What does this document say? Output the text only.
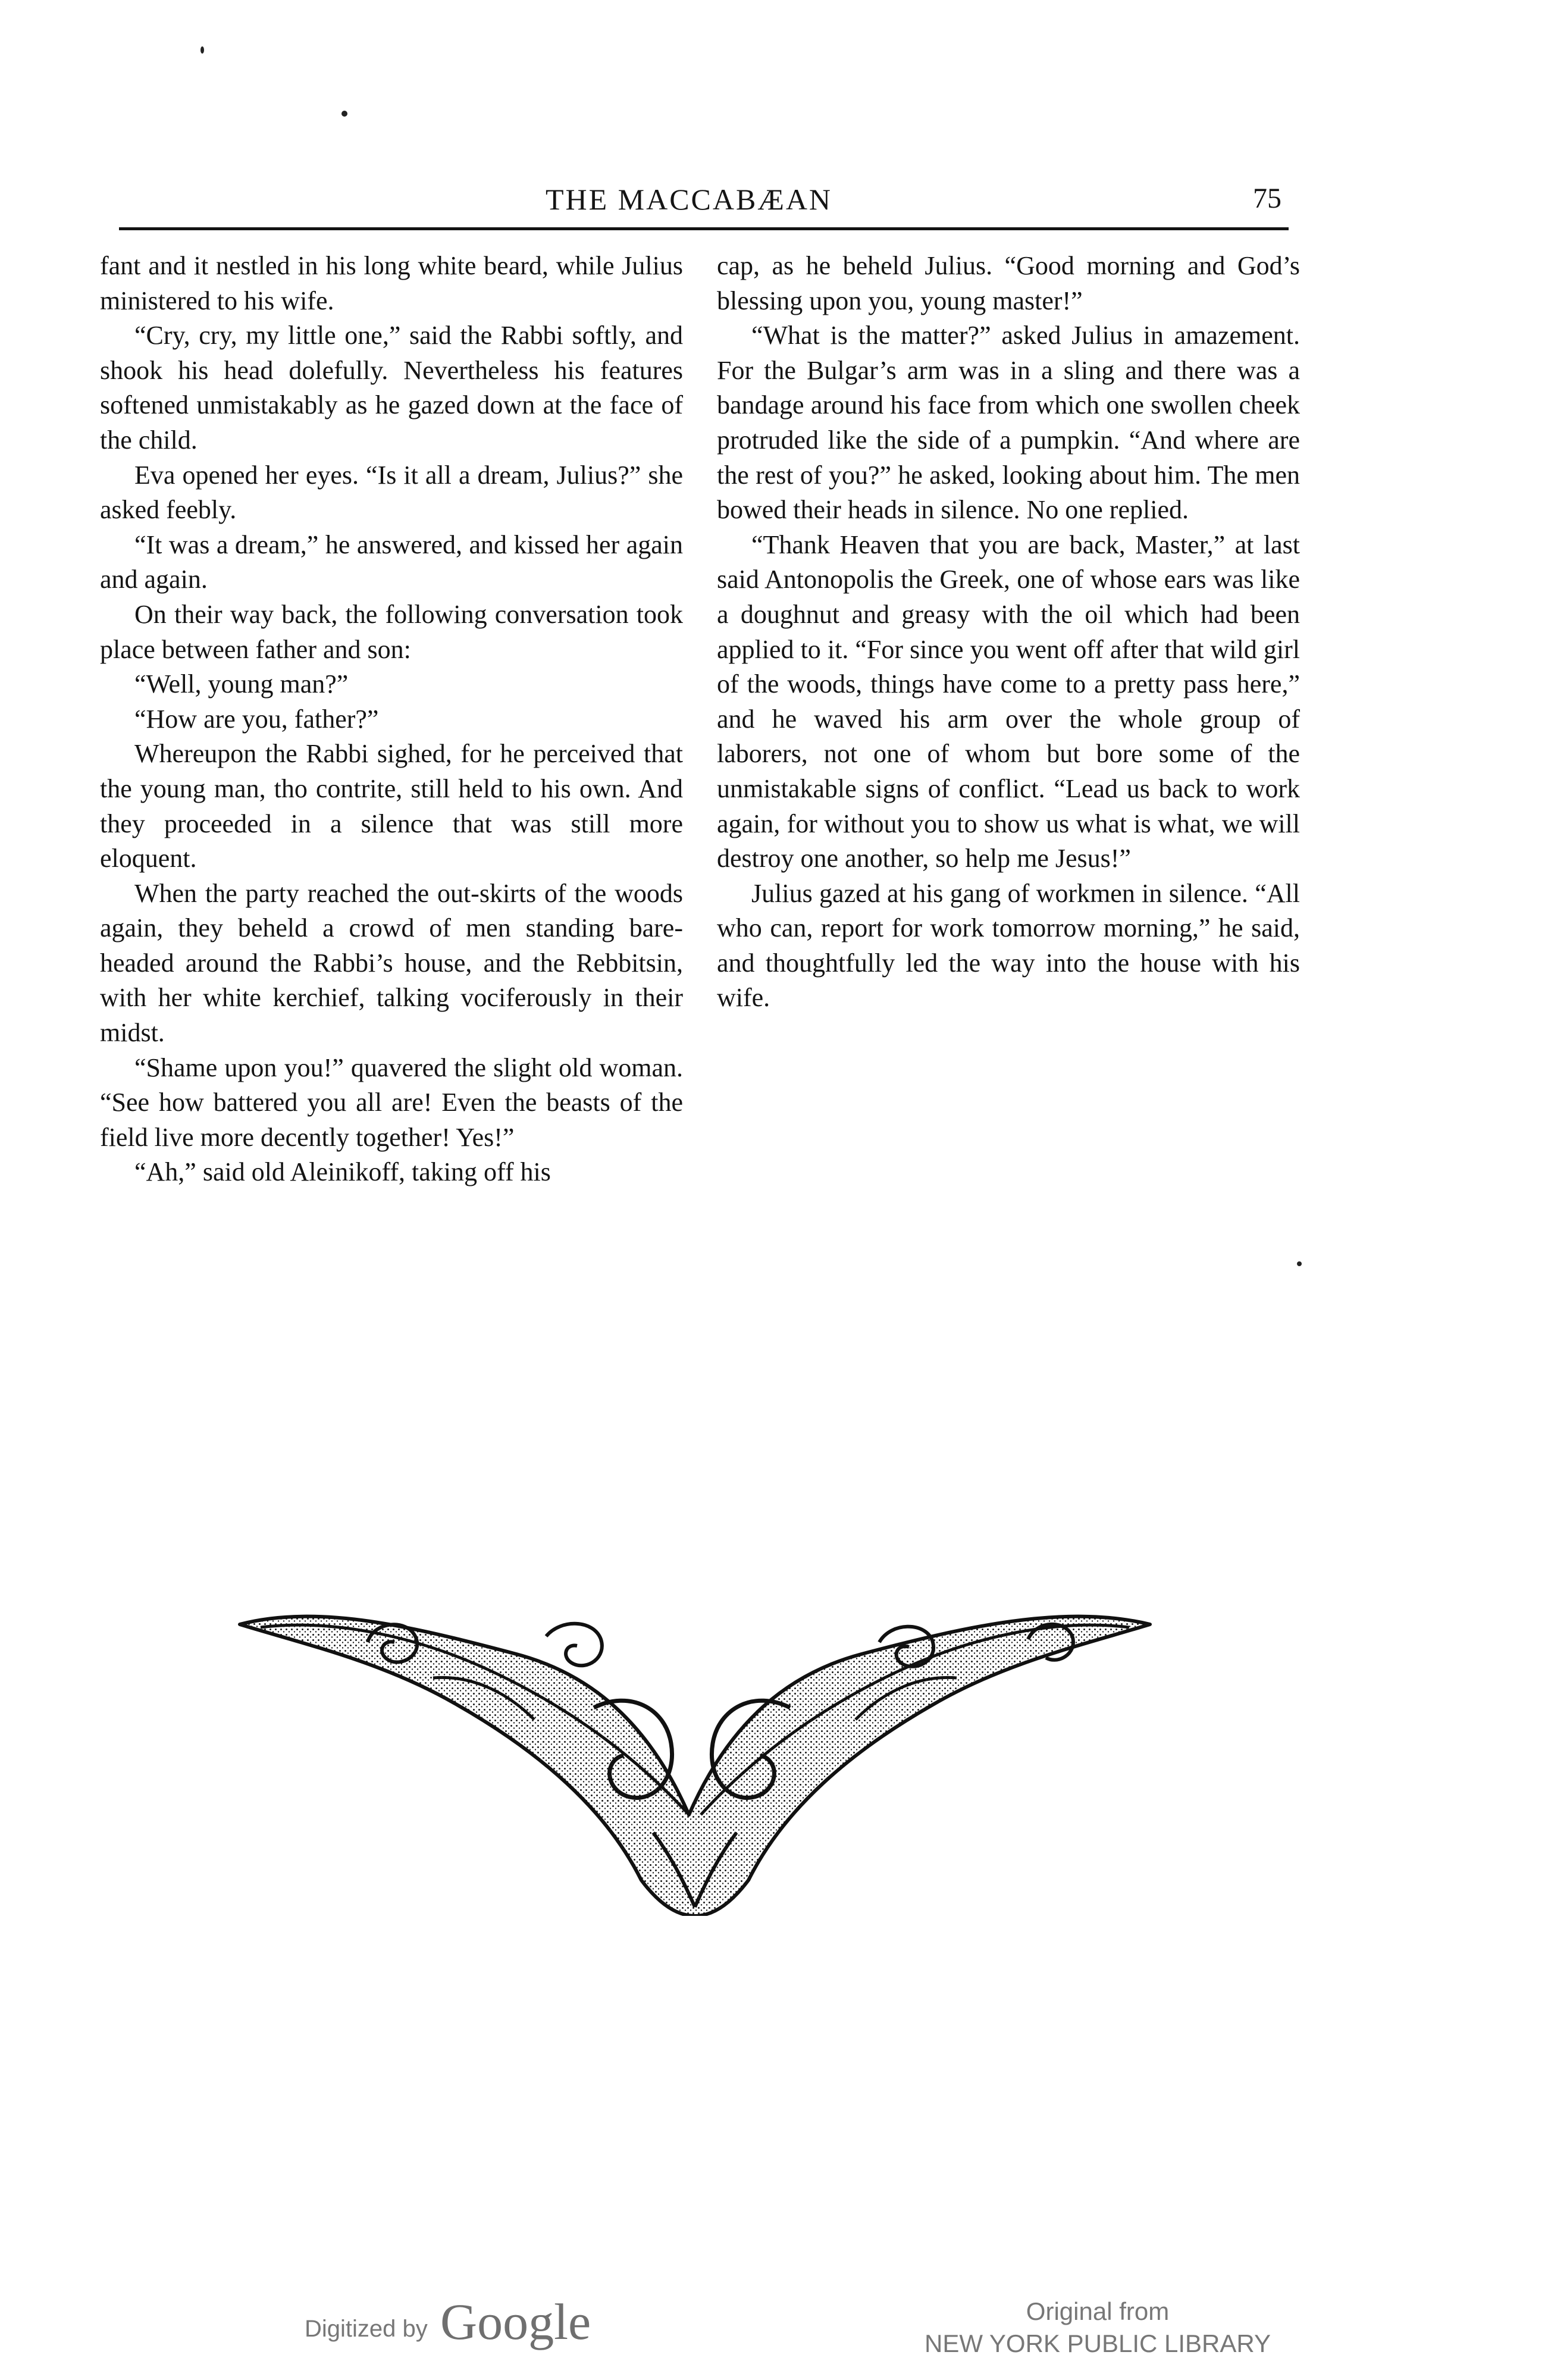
THE MACCABÆAN	75

fant and it nestled in his long white beard, while Julius ministered to his wife.

“Cry, cry, my little one,” said the Rabbi softly, and shook his head dolefully. Nevertheless his features softened unmistakably as he gazed down at the face of the child.

Eva opened her eyes. “Is it all a dream, Julius?” she asked feebly.

“It was a dream,” he answered, and kissed her again and again.

On their way back, the following conversation took place between father and son:

“Well, young man?”

“How are you, father?”

Whereupon the Rabbi sighed, for he perceived that the young man, tho contrite, still held to his own. And they proceeded in a silence that was still more eloquent.

When the party reached the out-skirts of the woods again, they beheld a crowd of men standing bare-headed around the Rabbi’s house, and the Rebbitsin, with her white kerchief, talking vociferously in their midst.

“Shame upon you!” quavered the slight old woman. “See how battered you all are! Even the beasts of the field live more decently together! Yes!”

“Ah,” said old Aleinikoff, taking off his

cap, as he beheld Julius. “Good morning and God’s blessing upon you, young master!”

“What is the matter?” asked Julius in amazement. For the Bulgar’s arm was in a sling and there was a bandage around his face from which one swollen cheek protruded like the side of a pumpkin. “And where are the rest of you?” he asked, looking about him. The men bowed their heads in silence. No one replied.

“Thank Heaven that you are back, Master,” at last said Antonopolis the Greek, one of whose ears was like a doughnut and greasy with the oil which had been applied to it. “For since you went off after that wild girl of the woods, things have come to a pretty pass here,” and he waved his arm over the whole group of laborers, not one of whom but bore some of the unmistakable signs of conflict. “Lead us back to work again, for without you to show us what is what, we will destroy one another, so help me Jesus!”

Julius gazed at his gang of workmen in silence. “All who can, report for work tomorrow morning,” he said, and thoughtfully led the way into the house with his wife.

Digitized by Google	Original from
NEW YORK PUBLIC LIBRARY
